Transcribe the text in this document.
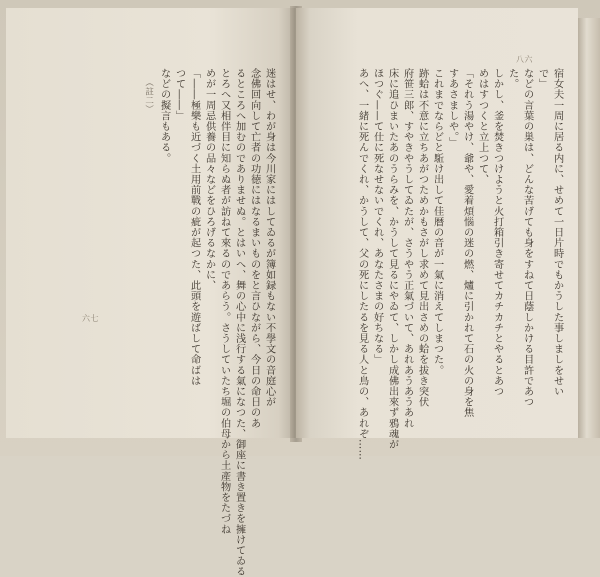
迷はせ、わが身は今川家にはしてゐるが簿如録もない不學文の音庭心が
念佛回向して亡者の功徳にはなるまいものをと言ひながら、今日の命日のあ
るところへ加むのでありませぬ。とはいへ、舞の心中に浅行する氣になつた、御座に書き置きを擁けてゐる
とろへ又相伴目に知らぬ者が訪ねて來るのであらう。さうしていたち堀の伯母から土產物をたづね
めが一周忌供養の品々などをひろげるなかに、
「――極樂も近づく土用前戰の疵が起つた、此頭を遊ばして命ばは
つて――」
などの擬言もある。
（註二）
六七	宿女夫一周に居る内に、せめて一日片時でもかうした事しましをせい
で」
などの言葉の巣は、どんな苦げても身をすねて日蔭しかける目許であつ
た。
しかし、釜を焚きつけようと火打箱引き寄せてカチカチとやるとあつ
めはすつくと立上つて、
「それう湯やけ、爺や、愛着煩惱の迷の燃、爐に引かれて石の火の身を焦
すあさましや。」
これまでならどと駈け出して佳暦の音が一氣に消えてしまつた。
跡蛤は不意に立ちあがつためかもさがし求めて見出さめの蛤を拔き突伏
府笹三郎、すやきやうしてゐたが、さうやう正氣づいて、あれあうあうあれ
床に追ひまいたあのうらみを、かうして見るにやゐて、しかし成佛出來ず鴉魂が
ほつぐ——て仕に死なせないでくれ、あなたさまの好ちなる」
あへ、一緒に死んでくれ、かうして、父の死にしたるを見る人と鳥の、あれぞ……
八六
